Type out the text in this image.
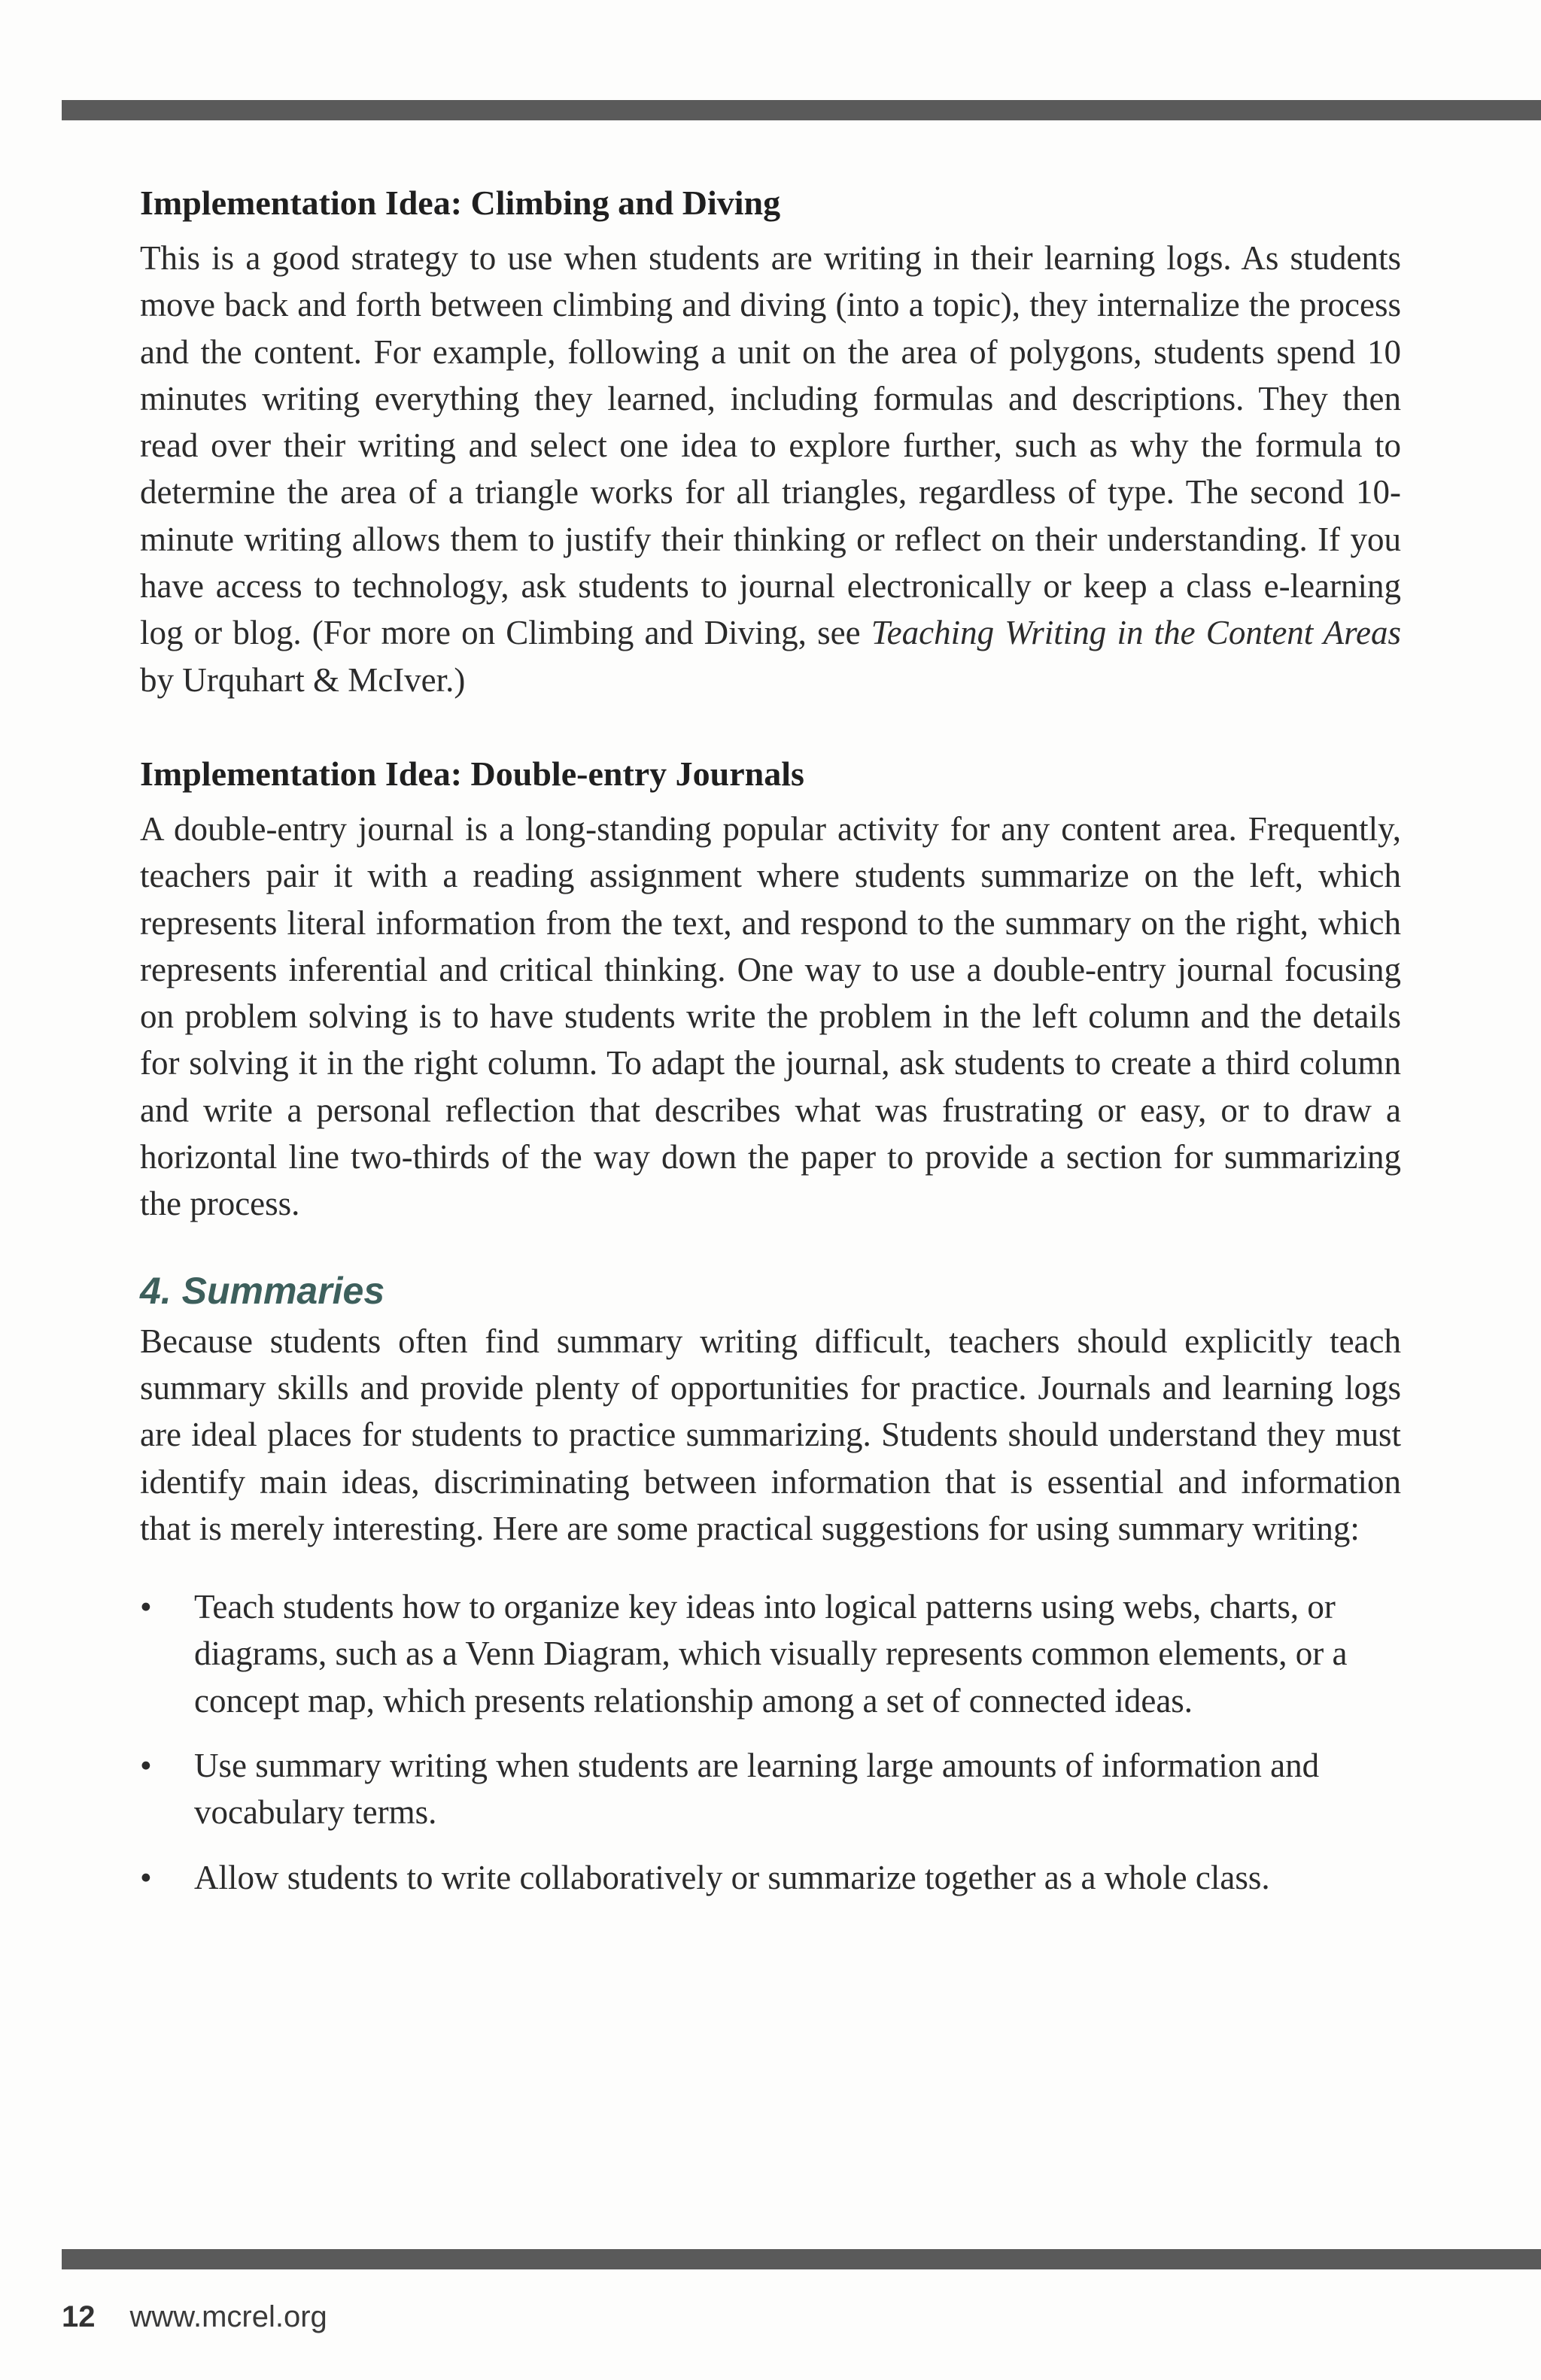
Implementation Idea: Climbing and Diving

This is a good strategy to use when students are writing in their learning logs. As students move back and forth between climbing and diving (into a topic), they internalize the process and the content. For example, following a unit on the area of polygons, students spend 10 minutes writing everything they learned, including formulas and descriptions. They then read over their writing and select one idea to explore further, such as why the formula to determine the area of a triangle works for all triangles, regardless of type. The second 10-minute writing allows them to justify their thinking or reflect on their understanding. If you have access to technology, ask students to journal electronically or keep a class e-learning log or blog. (For more on Climbing and Diving, see Teaching Writing in the Content Areas by Urquhart & McIver.)

Implementation Idea: Double-entry Journals

A double-entry journal is a long-standing popular activity for any content area. Frequently, teachers pair it with a reading assignment where students summarize on the left, which represents literal information from the text, and respond to the summary on the right, which represents inferential and critical thinking. One way to use a double-entry journal focusing on problem solving is to have students write the problem in the left column and the details for solving it in the right column. To adapt the journal, ask students to create a third column and write a personal reflection that describes what was frustrating or easy, or to draw a horizontal line two-thirds of the way down the paper to provide a section for summarizing the process.

4. Summaries

Because students often find summary writing difficult, teachers should explicitly teach summary skills and provide plenty of opportunities for practice. Journals and learning logs are ideal places for students to practice summarizing. Students should understand they must identify main ideas, discriminating between information that is essential and information that is merely interesting. Here are some practical suggestions for using summary writing:

•	Teach students how to organize key ideas into logical patterns using webs, charts, or diagrams, such as a Venn Diagram, which visually represents common elements, or a concept map, which presents relationship among a set of connected ideas.
•	Use summary writing when students are learning large amounts of information and vocabulary terms.
•	Allow students to write collaboratively or summarize together as a whole class.
12 www.mcrel.org
